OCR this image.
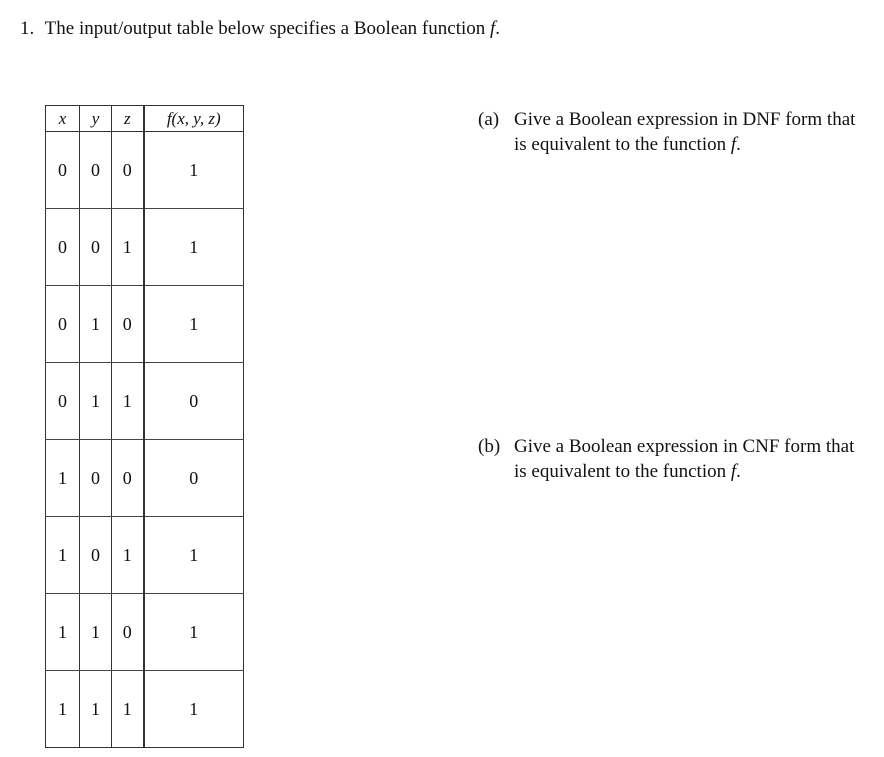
1. The input/output table below specifies a Boolean function f.
x	y	z	f(x, y, z)
0	0	0	1
0	0	1	1
0	1	0	1
0	1	1	0
1	0	0	0
1	0	1	1
1	1	0	1
1	1	1	1
(a) Give a Boolean expression in DNF form that
is equivalent to the function f.
(b) Give a Boolean expression in CNF form that
is equivalent to the function f.
